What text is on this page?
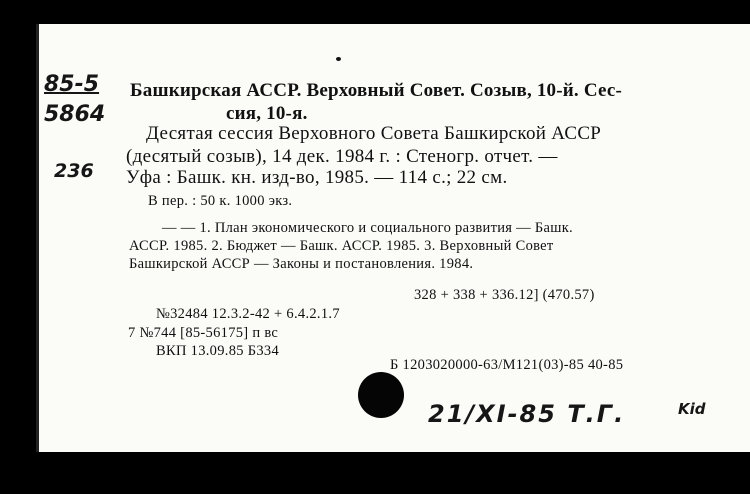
85-5
5864
236
Башкирская АССР. Верховный Совет. Созыв, 10-й. Сес-
сия, 10-я.
Десятая сессия Верховного Совета Башкирской АССР
(десятый созыв), 14 дек. 1984 г. : Стеногр. отчет. —
Уфа : Башк. кн. изд-во, 1985. — 114 с.; 22 см.
В пер. : 50 к. 1000 экз.
— — 1. План экономического и социального развития — Башк.
АССР. 1985. 2. Бюджет — Башк. АССР. 1985. 3. Верховный Совет
Башкирской АССР — Законы и постановления. 1984.
328 + 338 + 336.12] (470.57)
№32484 12.3.2-42 + 6.4.2.1.7
7 №744 [85-56175] п вс
ВКП 13.09.85 Б334
Б 1203020000-63/М121(03)-85 40-85
21/XI-85 Т.Г.	Kid
